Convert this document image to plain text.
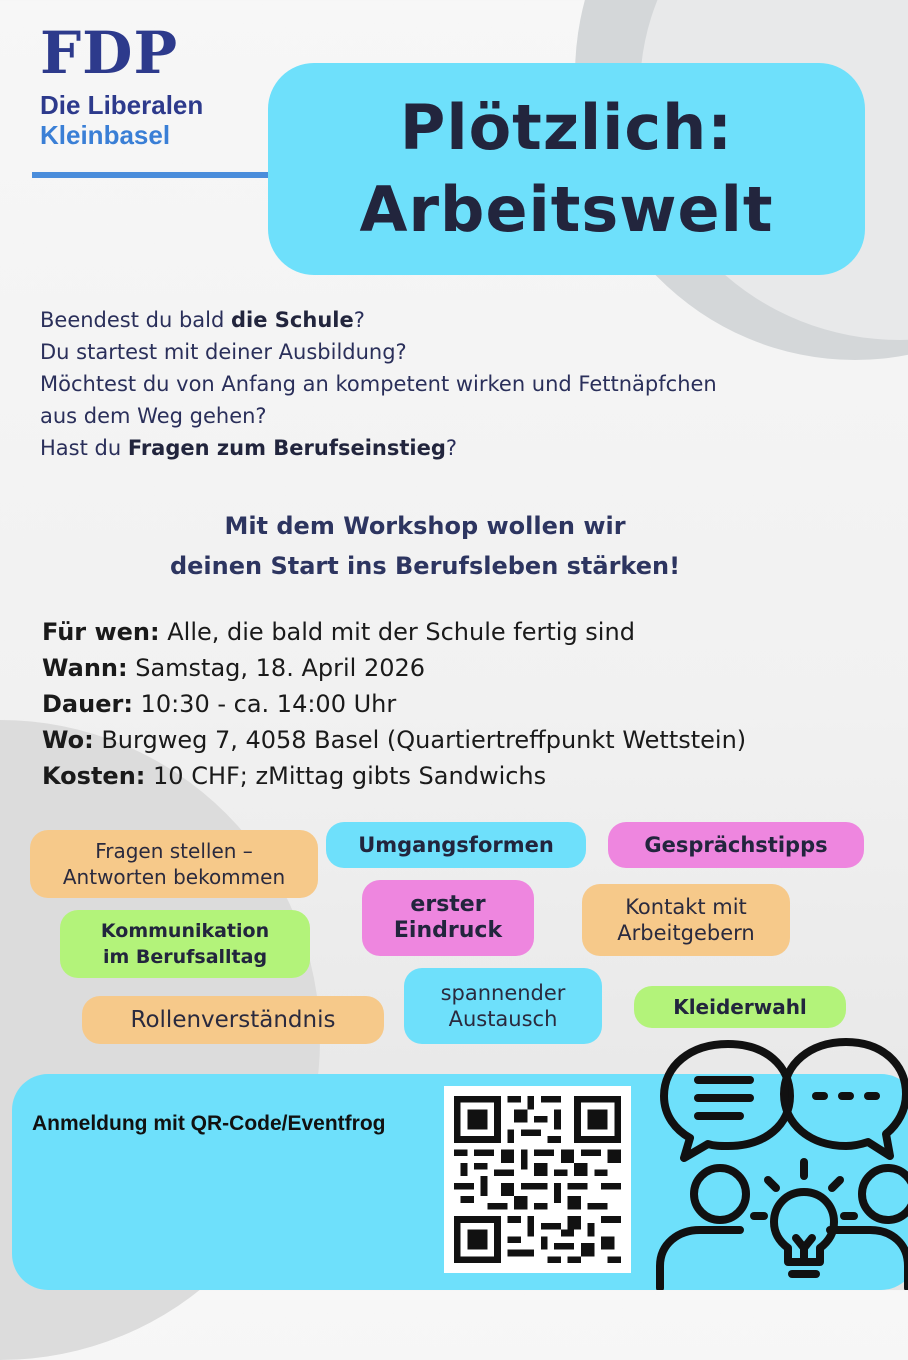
FDP
Die Liberalen
Kleinbasel	Plötzlich:
Arbeitswelt
Beendest du bald die Schule?
Du startest mit deiner Ausbildung?
Möchtest du von Anfang an kompetent wirken und Fettnäpfchen
aus dem Weg gehen?
Hast du Fragen zum Berufseinstieg?
Mit dem Workshop wollen wir
deinen Start ins Berufsleben stärken!
Für wen: Alle, die bald mit der Schule fertig sind
Wann: Samstag, 18. April 2026
Dauer: 10:30 - ca. 14:00 Uhr
Wo: Burgweg 7, 4058 Basel (Quartiertreffpunkt Wettstein)
Kosten: 10 CHF; zMittag gibts Sandwichs
Fragen stellen –
Antworten bekommen
Umgangsformen	Gesprächstipps
Kommunikation
im Berufsalltag
erster
Eindruck
Kontakt mit
Arbeitgebern
Rollenverständnis
spannender
Austausch	Kleiderwahl
Anmeldung mit QR-Code/Eventfrog
